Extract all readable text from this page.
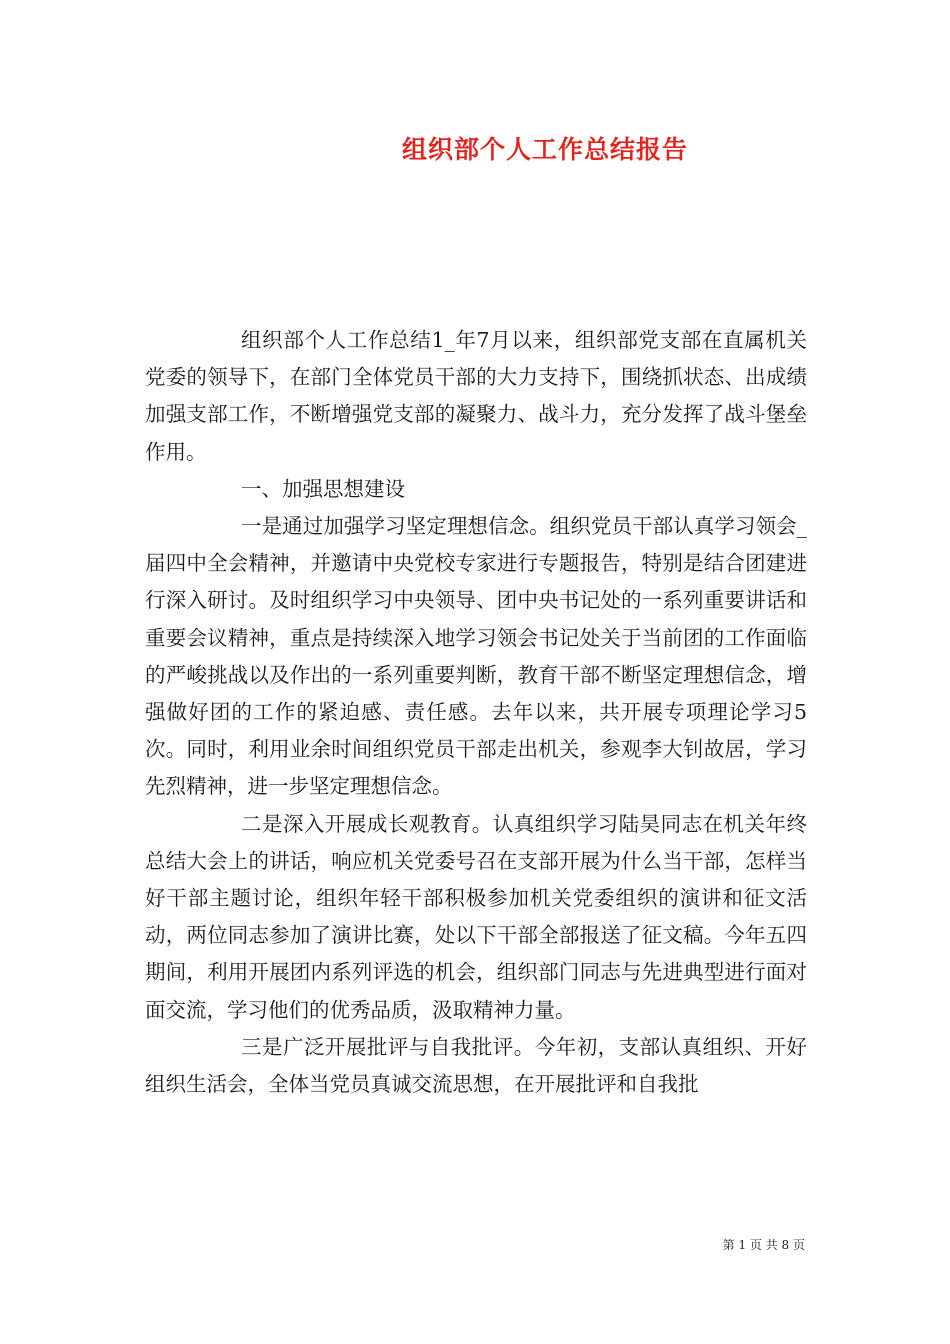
组织部个人工作总结报告

组织部个人工作总结1_年7月以来，组织部党支部在直属机关党委的领导下，在部门全体党员干部的大力支持下，围绕抓状态、出成绩加强支部工作，不断增强党支部的凝聚力、战斗力，充分发挥了战斗堡垒作用。

一、加强思想建设

一是通过加强学习坚定理想信念。组织党员干部认真学习领会_届四中全会精神，并邀请中央党校专家进行专题报告，特别是结合团建进行深入研讨。及时组织学习中央领导、团中央书记处的一系列重要讲话和重要会议精神，重点是持续深入地学习领会书记处关于当前团的工作面临的严峻挑战以及作出的一系列重要判断，教育干部不断坚定理想信念，增强做好团的工作的紧迫感、责任感。去年以来，共开展专项理论学习5次。同时，利用业余时间组织党员干部走出机关，参观李大钊故居，学习先烈精神，进一步坚定理想信念。

二是深入开展成长观教育。认真组织学习陆昊同志在机关年终总结大会上的讲话，响应机关党委号召在支部开展为什么当干部，怎样当好干部主题讨论，组织年轻干部积极参加机关党委组织的演讲和征文活动，两位同志参加了演讲比赛，处以下干部全部报送了征文稿。今年五四期间，利用开展团内系列评选的机会，组织部门同志与先进典型进行面对面交流，学习他们的优秀品质，汲取精神力量。

三是广泛开展批评与自我批评。今年初，支部认真组织、开好组织生活会，全体当党员真诚交流思想，在开展批评和自我批

第 1 页 共 8 页
